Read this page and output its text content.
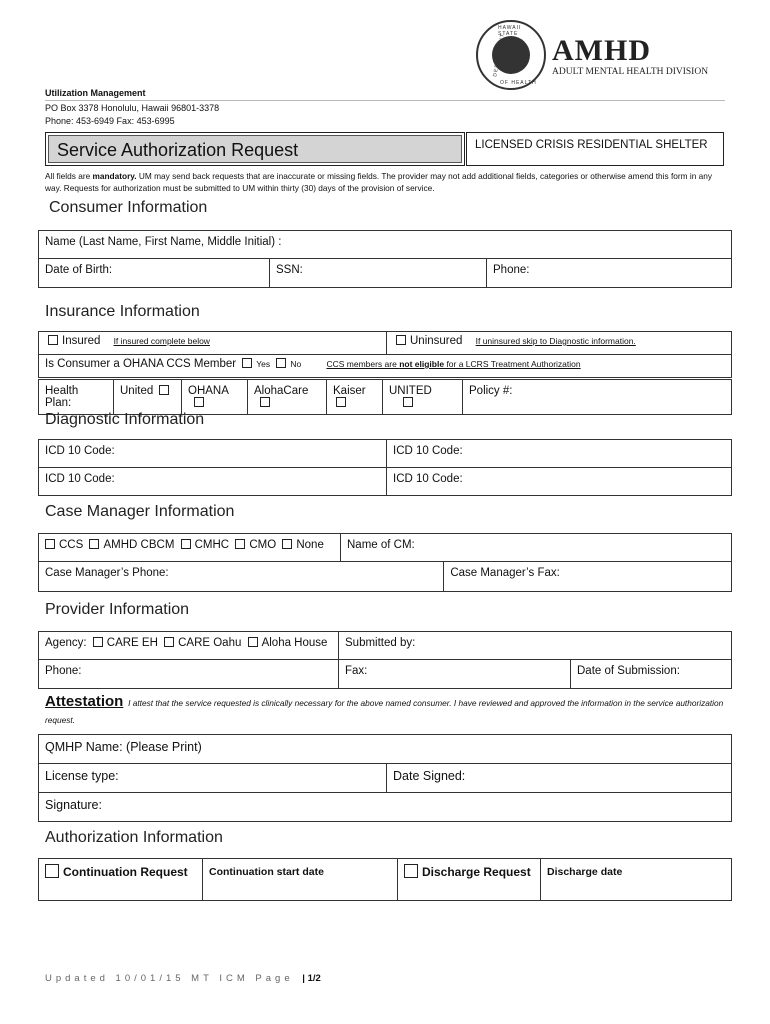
HAWAII STATE
DEPARTMENT
OF HEALTH
AMHD
ADULT MENTAL HEALTH DIVISION
Utilization Management
PO Box 3378 Honolulu, Hawaii 96801-3378
Phone: 453-6949 Fax: 453-6995
Service Authorization Request	LICENSED CRISIS RESIDENTIAL SHELTER
All fields are mandatory. UM may send back requests that are inaccurate or missing fields. The provider may not add additional fields, categories or otherwise amend this form in any way. Requests for authorization must be submitted to UM within thirty (30) days of the provision of service.
Consumer Information
Name (Last Name, First Name, Middle Initial) :
Date of Birth:	SSN:	Phone:
Insurance Information
Insured If insured complete below	Uninsured If uninsured skip to Diagnostic information.
Is Consumer a OHANA CCS Member Yes No	CCS members are not eligible for a LCRS Treatment Authorization
Health Plan:	United	OHANA	AlohaCare	Kaiser	UNITED	Policy #:
Diagnostic Information
ICD 10 Code:	ICD 10 Code:
ICD 10 Code:	ICD 10 Code:
Case Manager Information
CCS AMHD CBCM CMHC CMO None	Name of CM:	
Case Manager’s Phone:		Case Manager’s Fax:
Provider Information
Agency: CARE EH CARE Oahu Aloha House	Submitted by:	
Phone:	Fax:	Date of Submission:
Attestation I attest that the service requested is clinically necessary for the above named consumer. I have reviewed and approved the information in the service authorization request.
QMHP Name: (Please Print)
License type:	Date Signed:
Signature:
Authorization Information
Continuation Request	Continuation start date	Discharge Request	Discharge date
Updated 10/01/15 MT ICM Page | 1/2
